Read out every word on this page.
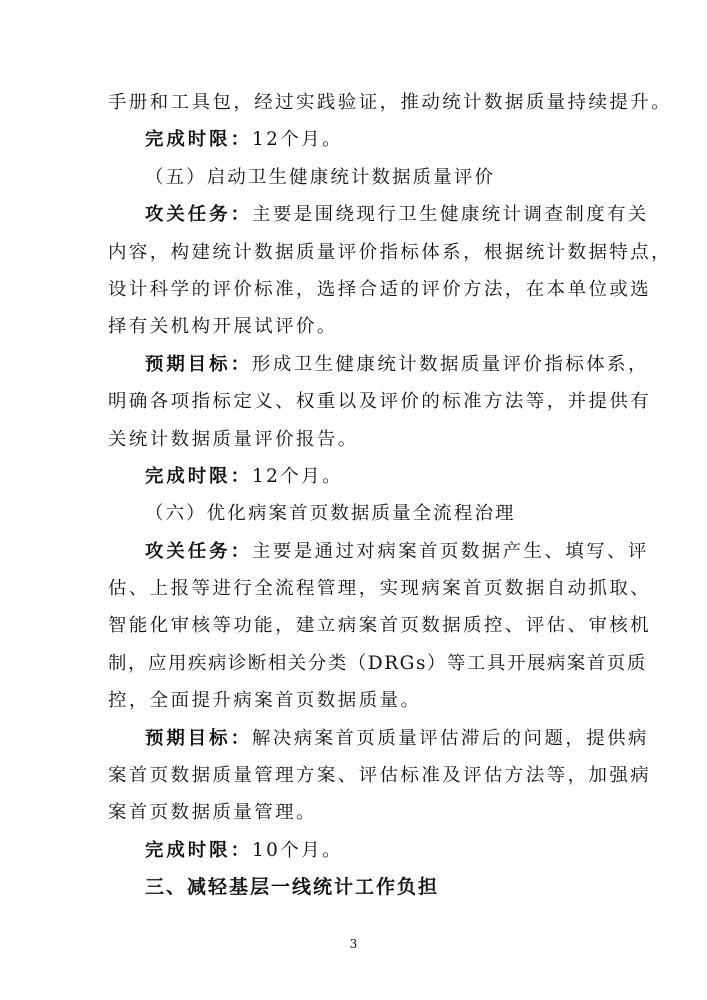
手册和工具包，经过实践验证，推动统计数据质量持续提升。
完成时限：12个月。
（五）启动卫生健康统计数据质量评价
攻关任务：主要是围绕现行卫生健康统计调查制度有关
内容，构建统计数据质量评价指标体系，根据统计数据特点，
设计科学的评价标准，选择合适的评价方法，在本单位或选
择有关机构开展试评价。
预期目标：形成卫生健康统计数据质量评价指标体系，
明确各项指标定义、权重以及评价的标准方法等，并提供有
关统计数据质量评价报告。
完成时限：12个月。
（六）优化病案首页数据质量全流程治理
攻关任务：主要是通过对病案首页数据产生、填写、评
估、上报等进行全流程管理，实现病案首页数据自动抓取、
智能化审核等功能，建立病案首页数据质控、评估、审核机
制，应用疾病诊断相关分类（DRGs）等工具开展病案首页质
控，全面提升病案首页数据质量。
预期目标：解决病案首页质量评估滞后的问题，提供病
案首页数据质量管理方案、评估标准及评估方法等，加强病
案首页数据质量管理。
完成时限：10个月。
三、减轻基层一线统计工作负担
3
